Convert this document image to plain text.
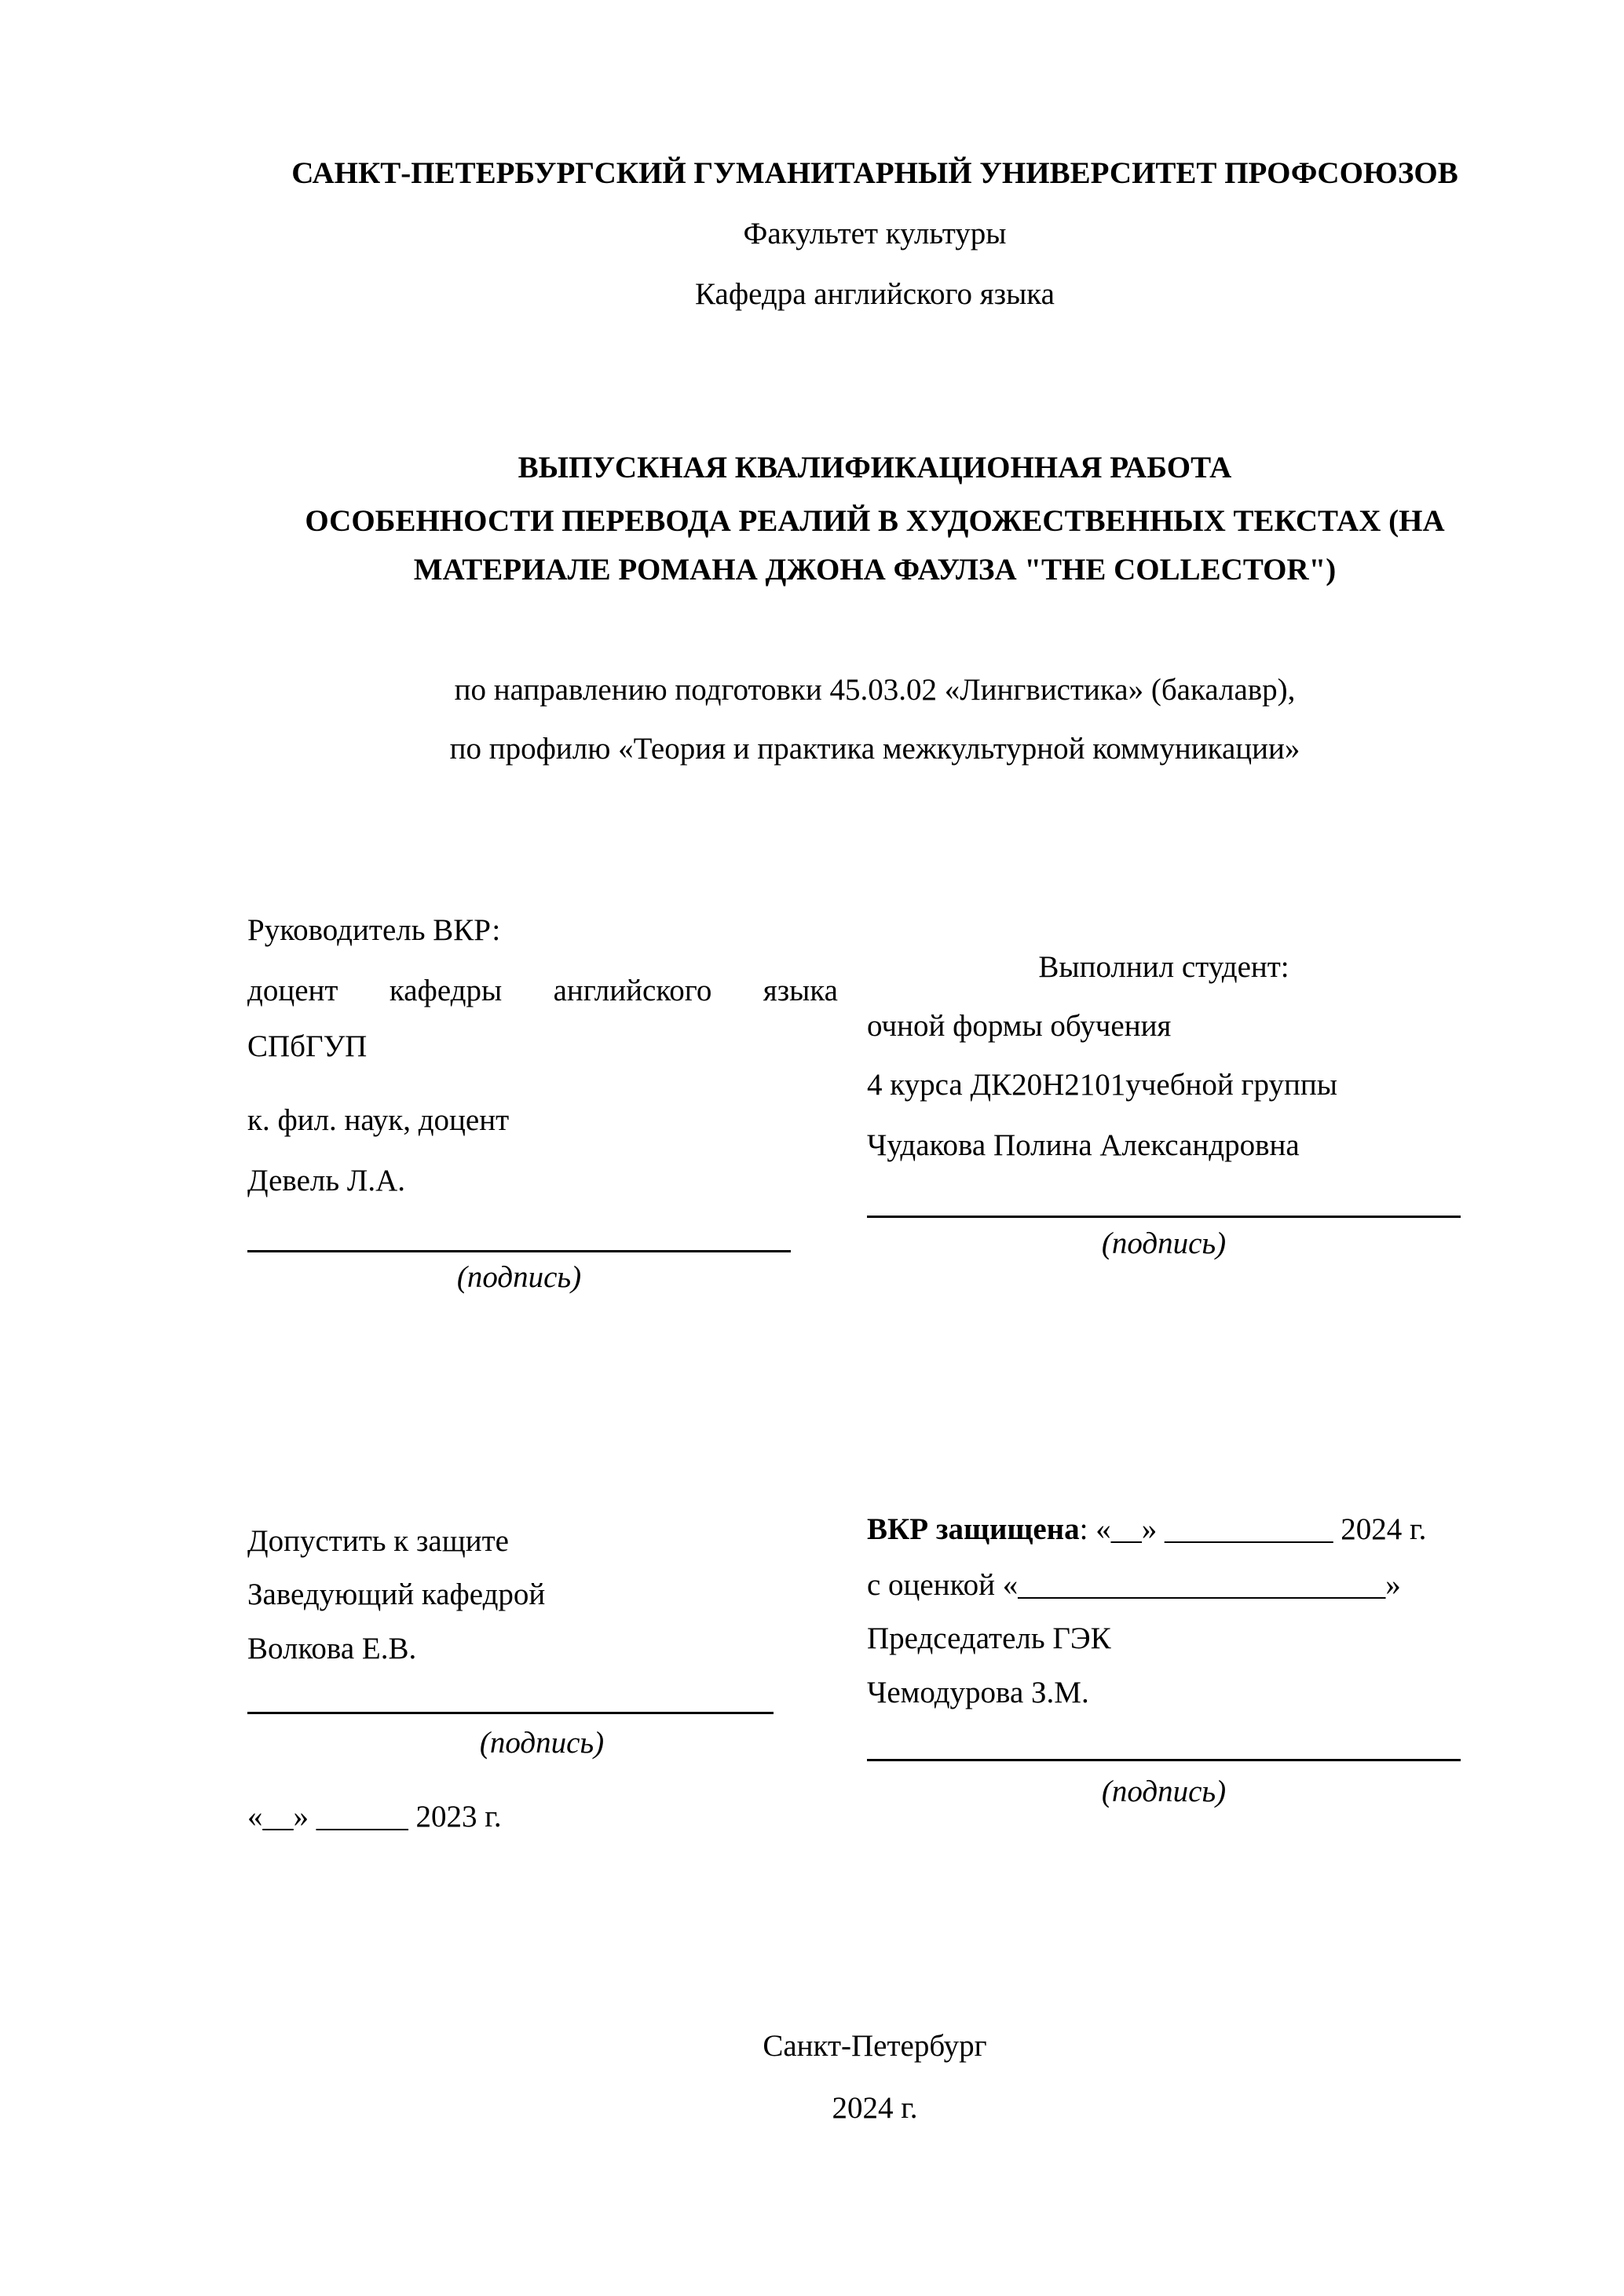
САНКТ-ПЕТЕРБУРГСКИЙ ГУМАНИТАРНЫЙ УНИВЕРСИТЕТ ПРОФСОЮЗОВ
Факультет культуры
Кафедра английского языка
ВЫПУСКНАЯ КВАЛИФИКАЦИОННАЯ РАБОТА
ОСОБЕННОСТИ ПЕРЕВОДА РЕАЛИЙ В ХУДОЖЕСТВЕННЫХ ТЕКСТАХ (НА
МАТЕРИАЛЕ РОМАНА ДЖОНА ФАУЛЗА "THE COLLECTOR")
по направлению подготовки 45.03.02 «Лингвистика» (бакалавр),
по профилю «Теория и практика межкультурной коммуникации»
Руководитель ВКР:
доцент кафедры английского языка
СПбГУП
к. фил. наук, доцент
Девель Л.А.
(подпись)
Выполнил студент:
очной формы обучения
4 курса ДК20Н2101учебной группы
Чудакова Полина Александровна
(подпись)
Допустить к защите
Заведующий кафедрой
Волкова Е.В.
(подпись)
«__» ______ 2023 г.
ВКР защищена: «__» ___________ 2024 г.
с оценкой «________________________»
Председатель ГЭК
Чемодурова З.М.
(подпись)
Санкт-Петербург
2024 г.
